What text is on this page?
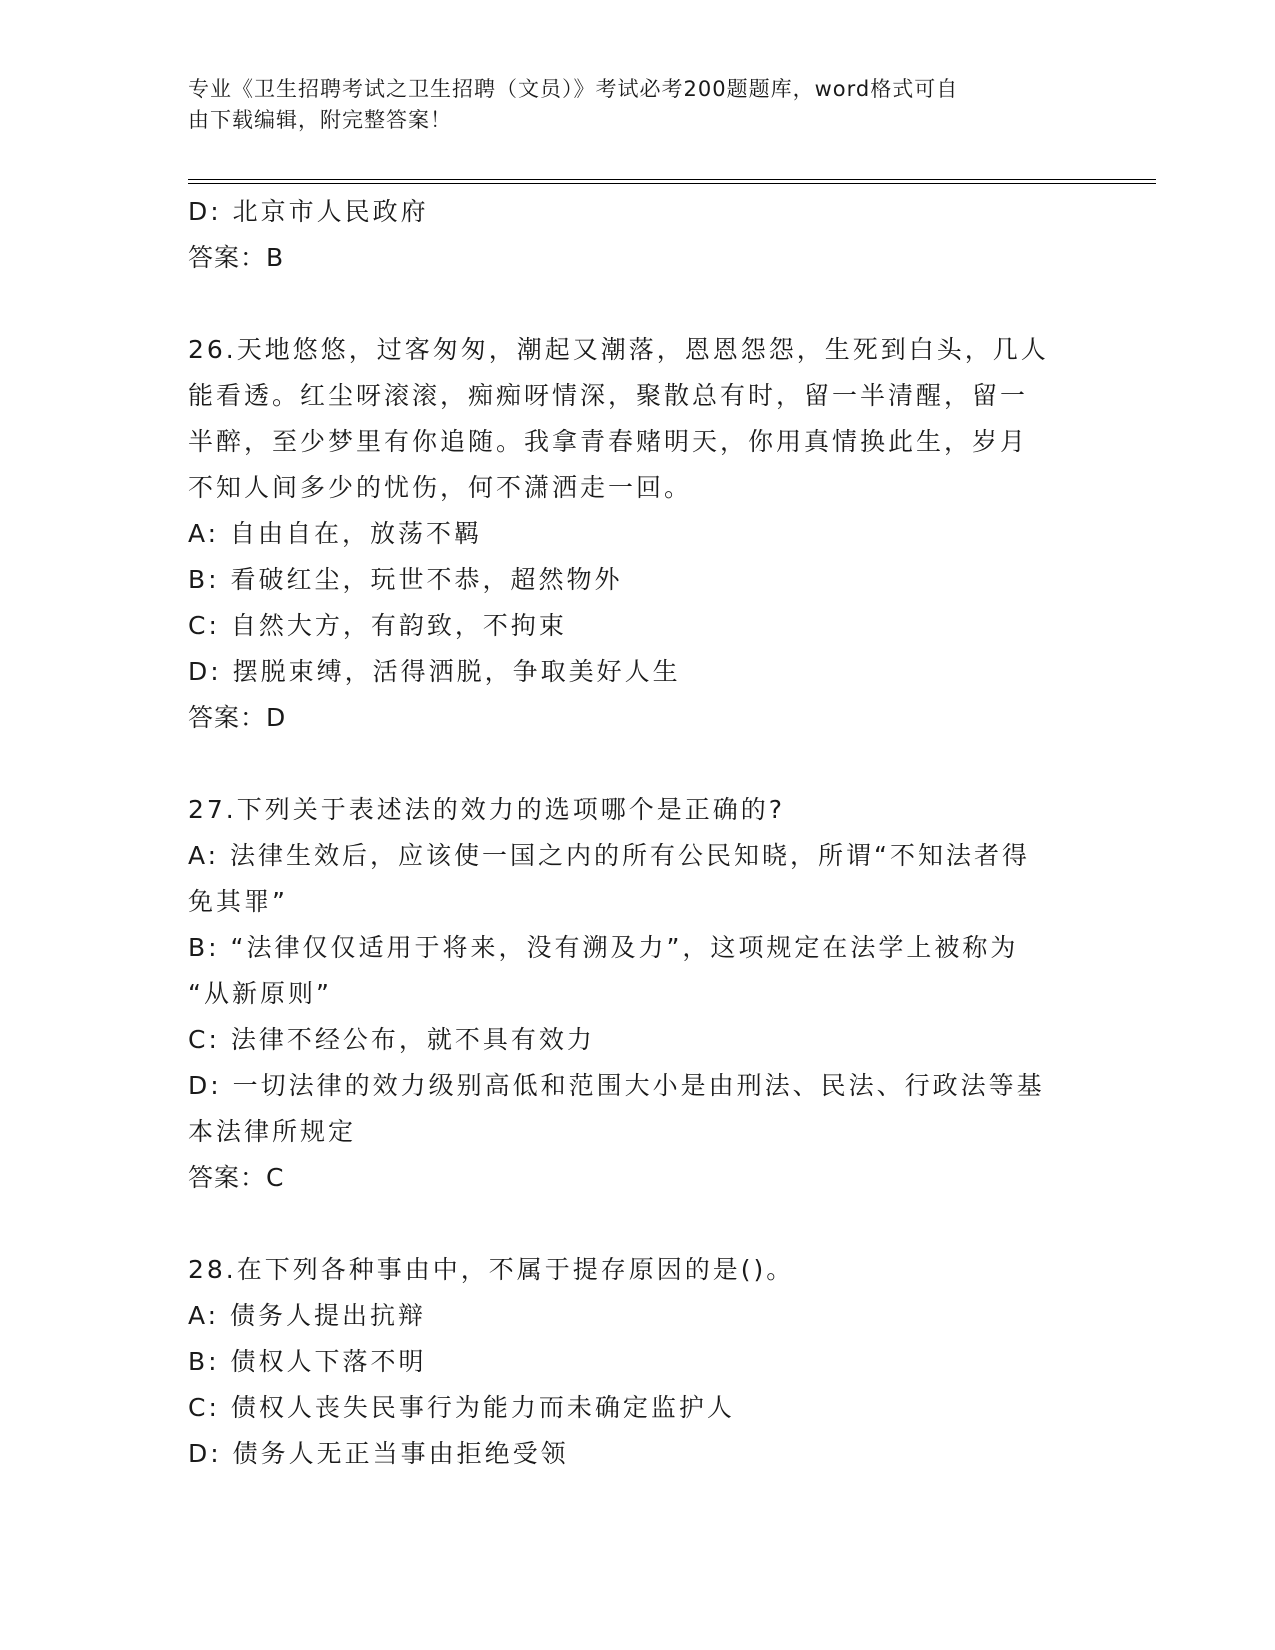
专业《卫生招聘考试之卫生招聘（文员）》考试必考200题题库，word格式可自
由下载编辑，附完整答案！
D: 北京市人民政府
答案：B
26.天地悠悠，过客匆匆，潮起又潮落，恩恩怨怨，生死到白头，几人
能看透。红尘呀滚滚，痴痴呀情深，聚散总有时，留一半清醒，留一
半醉，至少梦里有你追随。我拿青春赌明天，你用真情换此生，岁月
不知人间多少的忧伤，何不潇洒走一回。
A: 自由自在，放荡不羁
B: 看破红尘，玩世不恭，超然物外
C: 自然大方，有韵致，不拘束
D: 摆脱束缚，活得洒脱，争取美好人生
答案：D
27.下列关于表述法的效力的选项哪个是正确的?
A: 法律生效后，应该使一国之内的所有公民知晓，所谓“不知法者得
免其罪”
B: “法律仅仅适用于将来，没有溯及力”，这项规定在法学上被称为
“从新原则”
C: 法律不经公布，就不具有效力
D: 一切法律的效力级别高低和范围大小是由刑法、民法、行政法等基
本法律所规定
答案：C
28.在下列各种事由中，不属于提存原因的是()。
A: 债务人提出抗辩
B: 债权人下落不明
C: 债权人丧失民事行为能力而未确定监护人
D: 债务人无正当事由拒绝受领
